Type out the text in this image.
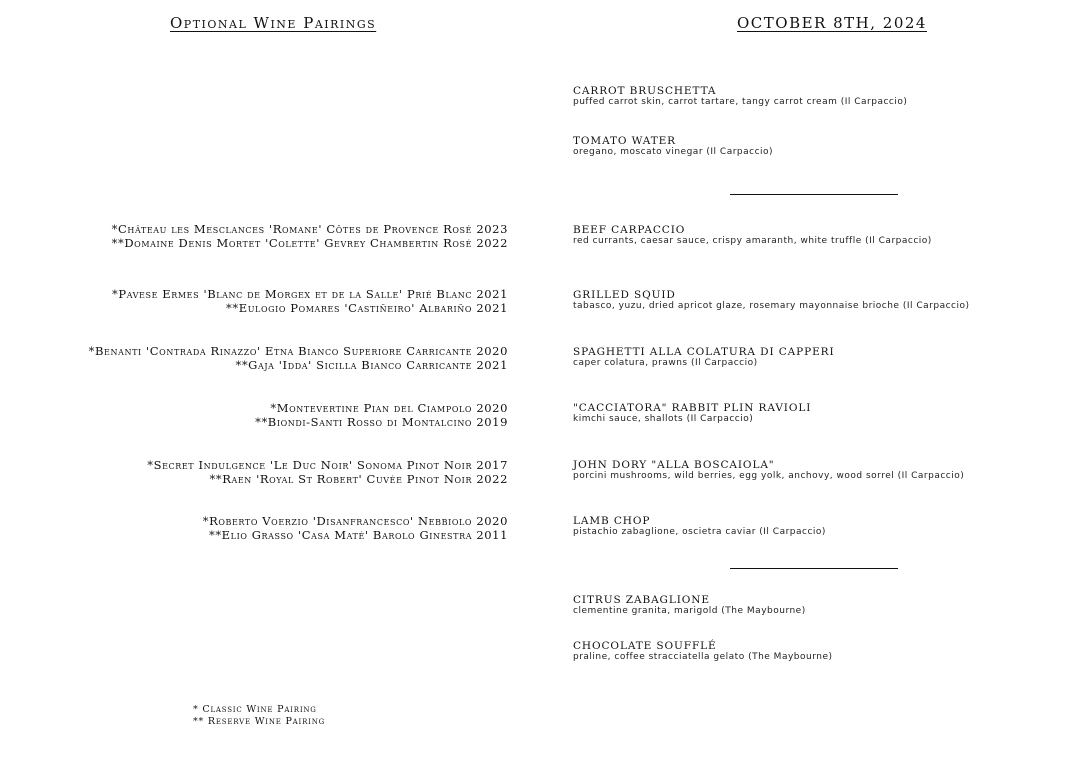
Optional Wine Pairings	OCTOBER 8TH, 2024
*Château les Mesclances 'Romane' Côtes de Provence Rosé 2023
**Domaine Denis Mortet 'Colette' Gevrey Chambertin Rosé 2022
*Pavese Ermes 'Blanc de Morgex et de la Salle' Prié Blanc 2021
**Eulogio Pomares 'Castiñeiro' Albariño 2021
*Benanti 'Contrada Rinazzo' Etna Bianco Superiore Carricante 2020
**Gaja 'Idda' Sicilla Bianco Carricante 2021
*Montevertine Pian del Ciampolo 2020
**Biondi-Santi Rosso di Montalcino 2019
*Secret Indulgence 'Le Duc Noir' Sonoma Pinot Noir 2017
**Raen 'Royal St Robert' Cuvée Pinot Noir 2022
*Roberto Voerzio 'Disanfrancesco' Nebbiolo 2020
**Elio Grasso 'Casa Maté' Barolo Ginestra 2011
CARROT BRUSCHETTA
puffed carrot skin, carrot tartare, tangy carrot cream (Il Carpaccio)
TOMATO WATER
oregano, moscato vinegar (Il Carpaccio)
BEEF CARPACCIO
red currants, caesar sauce, crispy amaranth, white truffle (Il Carpaccio)
GRILLED SQUID
tabasco, yuzu, dried apricot glaze, rosemary mayonnaise brioche (Il Carpaccio)
SPAGHETTI ALLA COLATURA DI CAPPERI
caper colatura, prawns (Il Carpaccio)
"CACCIATORA" RABBIT PLIN RAVIOLI
kimchi sauce, shallots (Il Carpaccio)
JOHN DORY "ALLA BOSCAIOLA"
porcini mushrooms, wild berries, egg yolk, anchovy, wood sorrel (Il Carpaccio)
LAMB CHOP
pistachio zabaglione, oscietra caviar (Il Carpaccio)
CITRUS ZABAGLIONE
clementine granita, marigold (The Maybourne)
CHOCOLATE SOUFFLÉ
praline, coffee stracciatella gelato (The Maybourne)
* Classic Wine Pairing
** Reserve Wine Pairing
